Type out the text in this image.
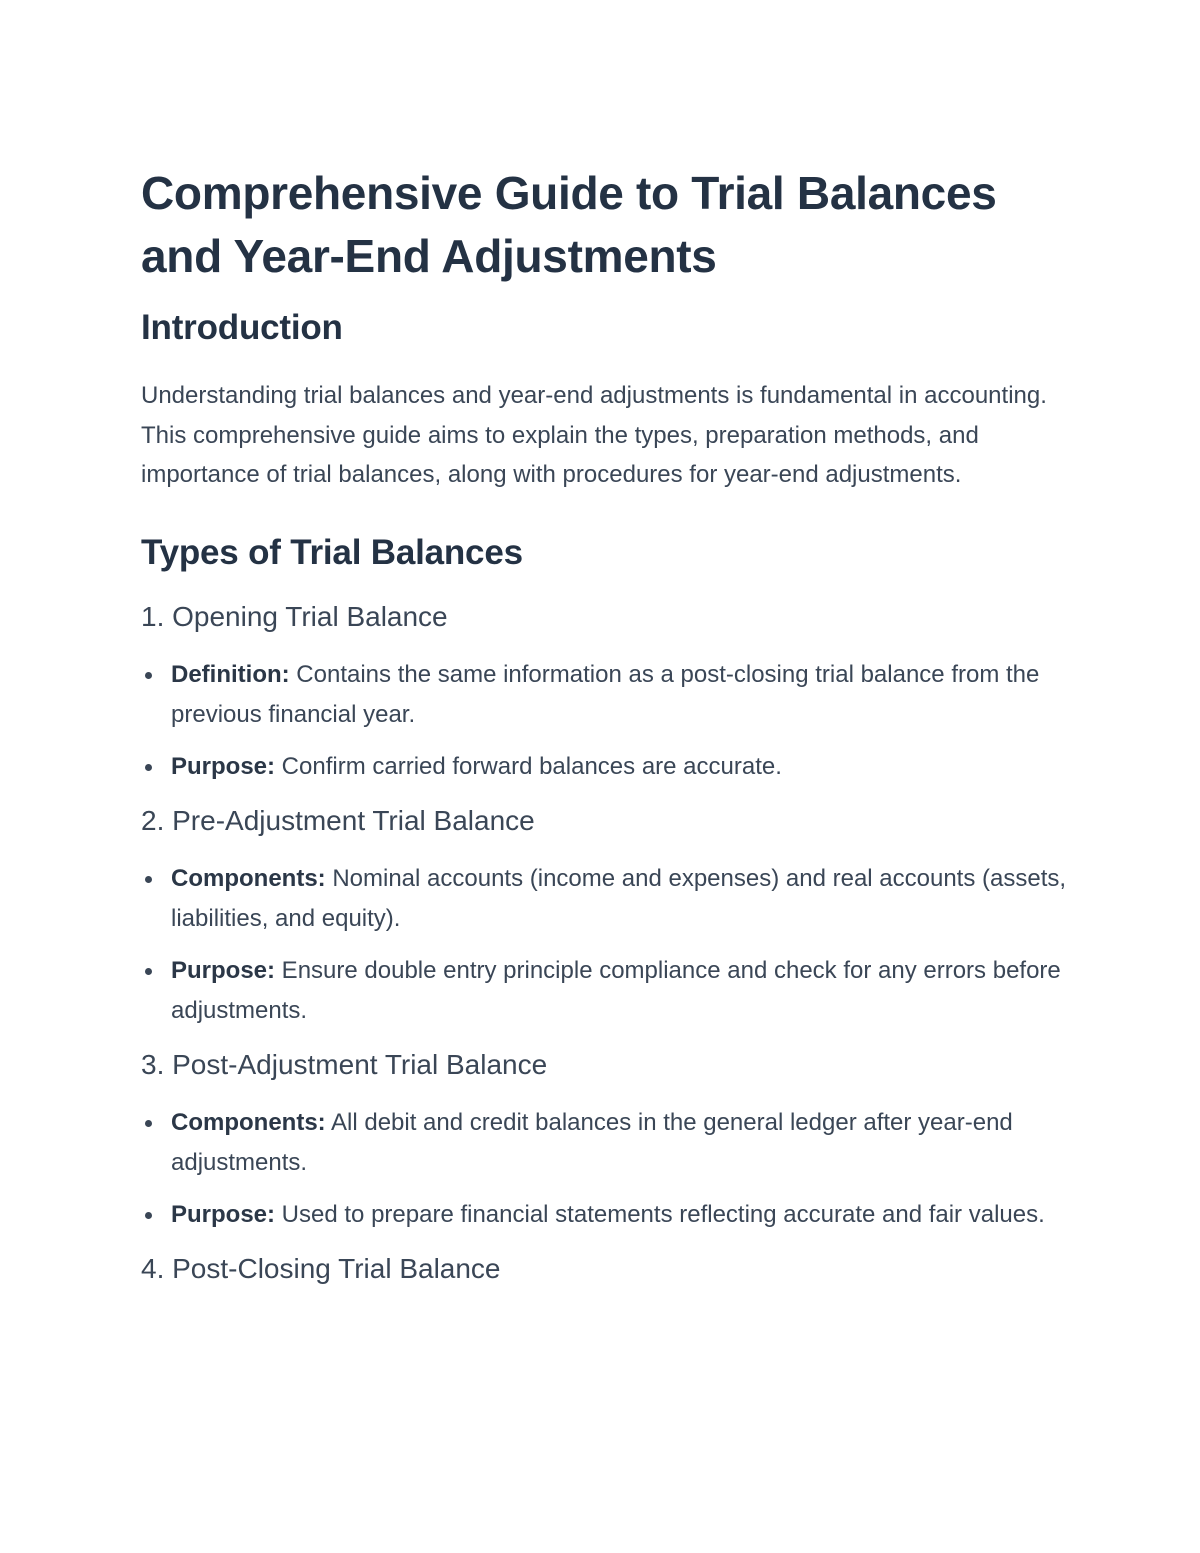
Comprehensive Guide to Trial Balances and Year-End Adjustments
Introduction

Understanding trial balances and year-end adjustments is fundamental in accounting. This comprehensive guide aims to explain the types, preparation methods, and importance of trial balances, along with procedures for year-end adjustments.

Types of Trial Balances
1. Opening Trial Balance
Definition: Contains the same information as a post-closing trial balance from the previous financial year.
Purpose: Confirm carried forward balances are accurate.
2. Pre-Adjustment Trial Balance
Components: Nominal accounts (income and expenses) and real accounts (assets, liabilities, and equity).
Purpose: Ensure double entry principle compliance and check for any errors before adjustments.
3. Post-Adjustment Trial Balance
Components: All debit and credit balances in the general ledger after year-end adjustments.
Purpose: Used to prepare financial statements reflecting accurate and fair values.
4. Post-Closing Trial Balance
